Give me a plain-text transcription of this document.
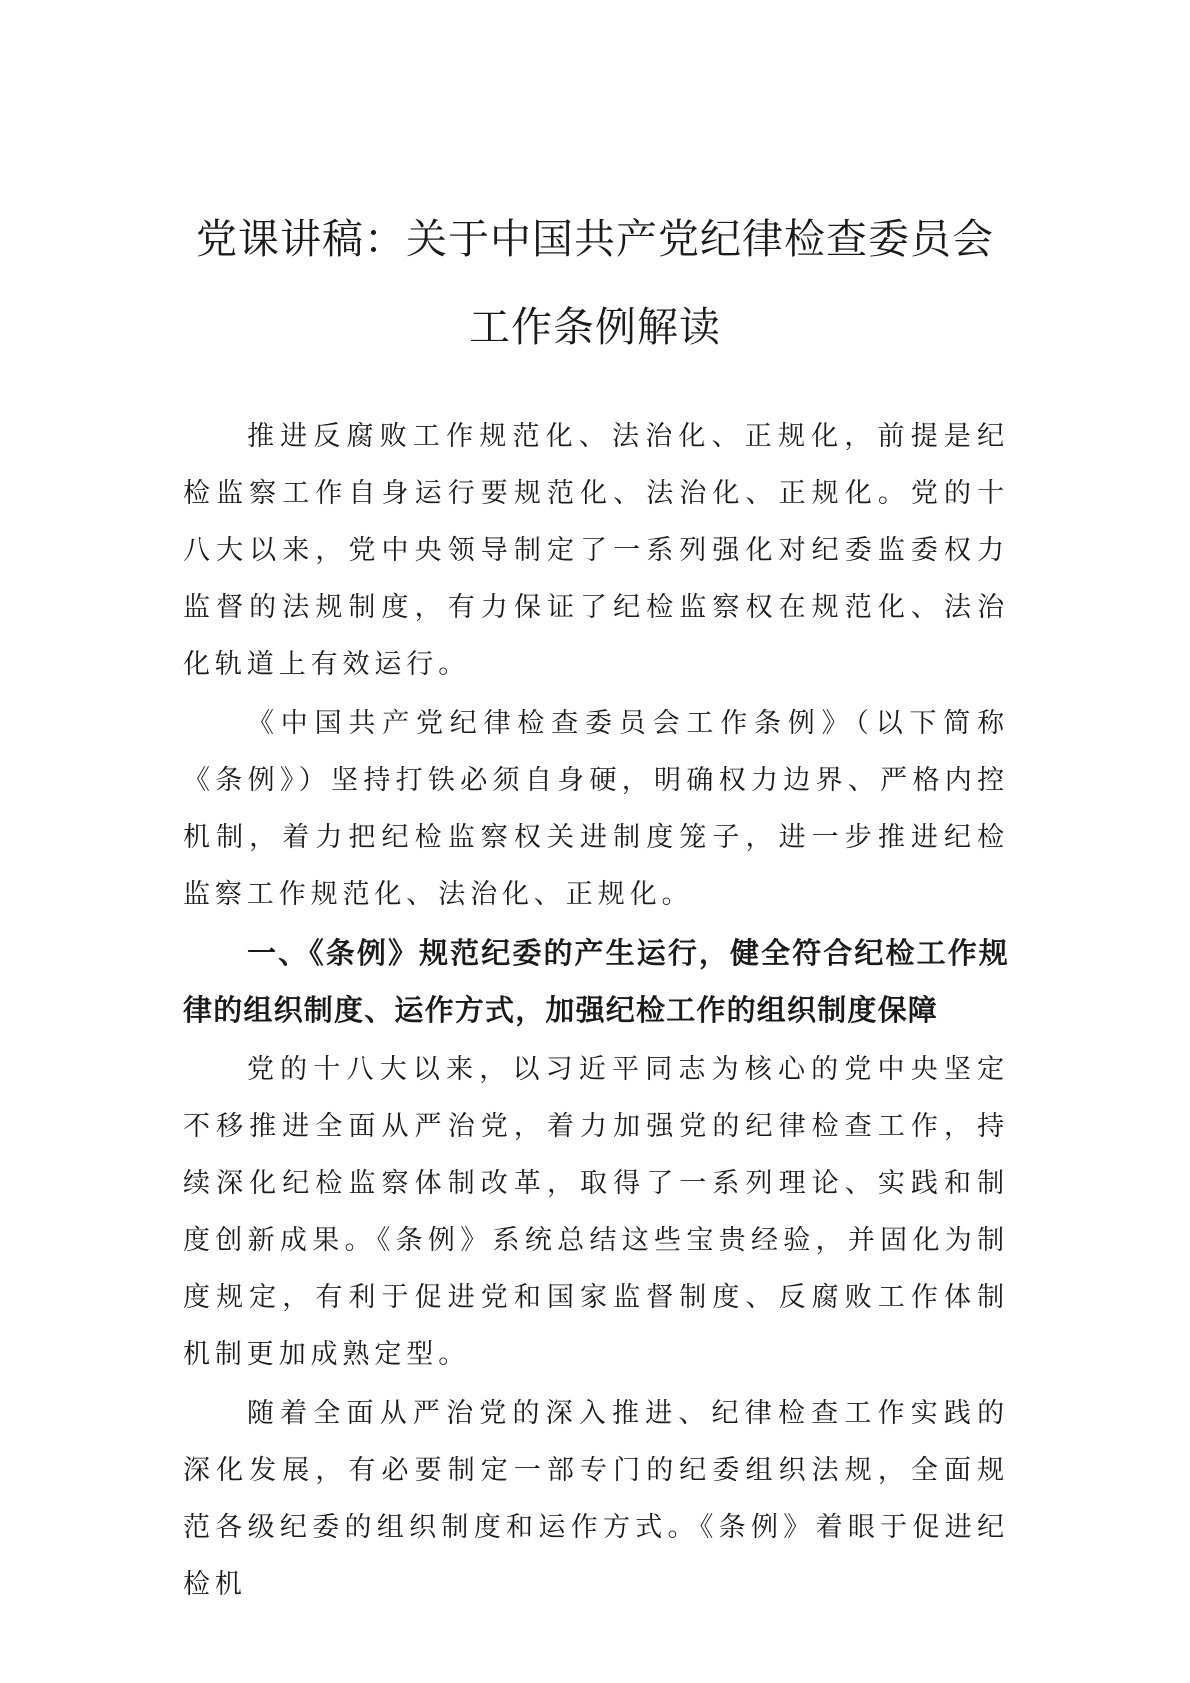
党课讲稿：关于中国共产党纪律检查委员会
工作条例解读

推进反腐败工作规范化、法治化、正规化，前提是纪检监察工作自身运行要规范化、法治化、正规化。党的十八大以来，党中央领导制定了一系列强化对纪委监委权力监督的法规制度，有力保证了纪检监察权在规范化、法治化轨道上有效运行。

《中国共产党纪律检查委员会工作条例》（以下简称《条例》）坚持打铁必须自身硬，明确权力边界、严格内控机制，着力把纪检监察权关进制度笼子，进一步推进纪检监察工作规范化、法治化、正规化。

一、《条例》规范纪委的产生运行，健全符合纪检工作规律的组织制度、运作方式，加强纪检工作的组织制度保障

党的十八大以来，以习近平同志为核心的党中央坚定不移推进全面从严治党，着力加强党的纪律检查工作，持续深化纪检监察体制改革，取得了一系列理论、实践和制度创新成果。《条例》系统总结这些宝贵经验，并固化为制度规定，有利于促进党和国家监督制度、反腐败工作体制机制更加成熟定型。

随着全面从严治党的深入推进、纪律检查工作实践的深化发展，有必要制定一部专门的纪委组织法规，全面规范各级纪委的组织制度和运作方式。《条例》着眼于促进纪检机
